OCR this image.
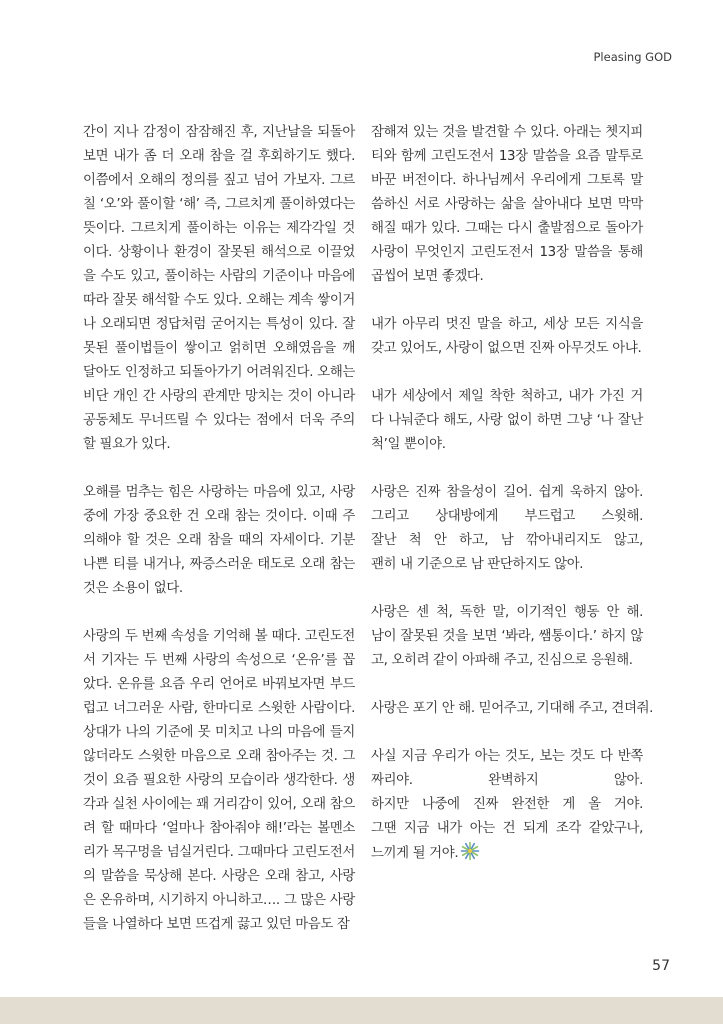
Pleasing GOD
간이 지나 감정이 잠잠해진 후, 지난날을 되돌아
보면 내가 좀 더 오래 참을 걸 후회하기도 했다.
이쯤에서 오해의 정의를 짚고 넘어 가보자. 그르
칠 ‘오’와 풀이할 ‘해’ 즉, 그르치게 풀이하였다는
뜻이다. 그르치게 풀이하는 이유는 제각각일 것
이다. 상황이나 환경이 잘못된 해석으로 이끌었
을 수도 있고, 풀이하는 사람의 기준이나 마음에
따라 잘못 해석할 수도 있다. 오해는 계속 쌓이거
나 오래되면 정답처럼 굳어지는 특성이 있다. 잘
못된 풀이법들이 쌓이고 얽히면 오해였음을 깨
달아도 인정하고 되돌아가기 어려워진다. 오해는
비단 개인 간 사랑의 관계만 망치는 것이 아니라
공동체도 무너뜨릴 수 있다는 점에서 더욱 주의
할 필요가 있다.
오해를 멈추는 힘은 사랑하는 마음에 있고, 사랑
중에 가장 중요한 건 오래 참는 것이다. 이때 주
의해야 할 것은 오래 참을 때의 자세이다. 기분
나쁜 티를 내거나, 짜증스러운 태도로 오래 참는
것은 소용이 없다.
사랑의 두 번째 속성을 기억해 볼 때다. 고린도전
서 기자는 두 번째 사랑의 속성으로 ‘온유’를 꼽
았다. 온유를 요즘 우리 언어로 바꿔보자면 부드
럽고 너그러운 사람, 한마디로 스윗한 사람이다.
상대가 나의 기준에 못 미치고 나의 마음에 들지
않더라도 스윗한 마음으로 오래 참아주는 것. 그
것이 요즘 필요한 사랑의 모습이라 생각한다. 생
각과 실천 사이에는 꽤 거리감이 있어, 오래 참으
려 할 때마다 ‘얼마나 참아줘야 해!’라는 볼멘소
리가 목구멍을 넘실거린다. 그때마다 고린도전서
의 말씀을 묵상해 본다. 사랑은 오래 참고, 사랑
은 온유하며, 시기하지 아니하고…. 그 많은 사랑
들을 나열하다 보면 뜨겁게 끓고 있던 마음도 잠
잠해져 있는 것을 발견할 수 있다. 아래는 쳇지피
티와 함께 고린도전서 13장 말씀을 요즘 말투로
바꾼 버전이다. 하나님께서 우리에게 그토록 말
씀하신 서로 사랑하는 삶을 살아내다 보면 막막
해질 때가 있다. 그때는 다시 출발점으로 돌아가
사랑이 무엇인지 고린도전서 13장 말씀을 통해
곱씹어 보면 좋겠다.
내가 아무리 멋진 말을 하고, 세상 모든 지식을
갖고 있어도, 사랑이 없으면 진짜 아무것도 아냐.
내가 세상에서 제일 착한 척하고, 내가 가진 거
다 나눠준다 해도, 사랑 없이 하면 그냥 ‘나 잘난
척’일 뿐이야.
사랑은 진짜 참을성이 길어. 쉽게 욱하지 않아.
그리고 상대방에게 부드럽고 스윗해.
잘난 척 안 하고, 남 깎아내리지도 않고,
괜히 내 기준으로 남 판단하지도 않아.
사랑은 센 척, 독한 말, 이기적인 행동 안 해.
남이 잘못된 것을 보면 ‘봐라, 쌤통이다.’ 하지 않
고, 오히려 같이 아파해 주고, 진심으로 응원해.
사랑은 포기 안 해. 믿어주고, 기대해 주고, 견뎌줘.
사실 지금 우리가 아는 것도, 보는 것도 다 반쪽
짜리야. 완벽하지 않아.
하지만 나중에 진짜 완전한 게 올 거야.
그땐 지금 내가 아는 건 되게 조각 같았구나,
느끼게 될 거야.
57
